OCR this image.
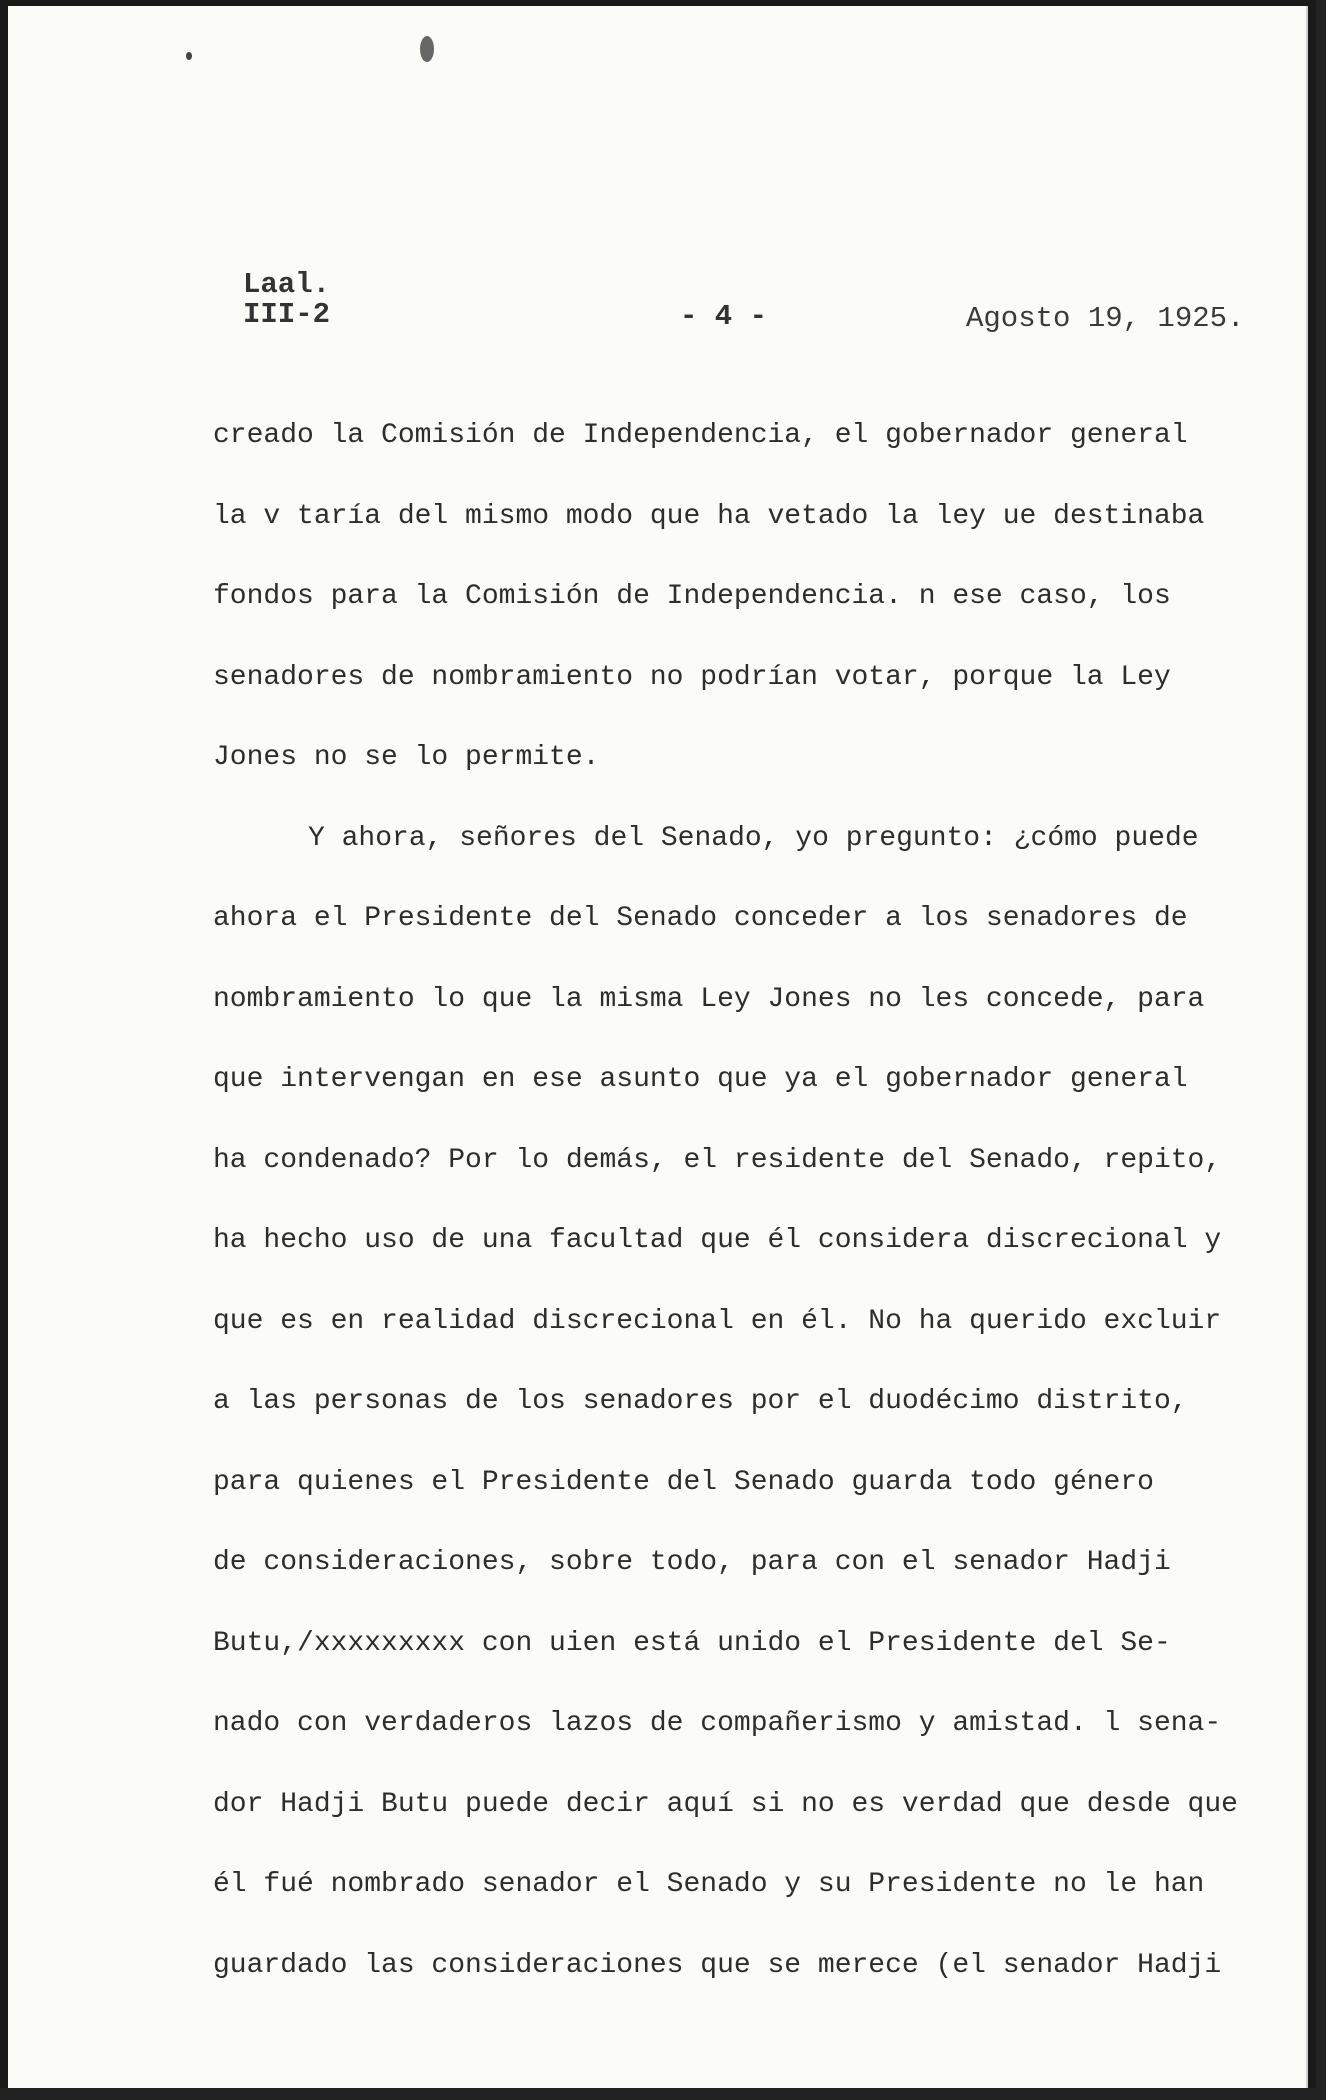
Laal.
III-2	- 4 -	Agosto 19, 1925.
creado la Comisión de Independencia, el gobernador general
la v taría del mismo modo que ha vetado la ley ue destinaba
fondos para la Comisión de Independencia. n ese caso, los
senadores de nombramiento no podrían votar, porque la Ley
Jones no se lo permite.
Y ahora, señores del Senado, yo pregunto: ¿cómo puede
ahora el Presidente del Senado conceder a los senadores de
nombramiento lo que la misma Ley Jones no les concede, para
que intervengan en ese asunto que ya el gobernador general
ha condenado? Por lo demás, el residente del Senado, repito,
ha hecho uso de una facultad que él considera discrecional y
que es en realidad discrecional en él. No ha querido excluir
a las personas de los senadores por el duodécimo distrito,
para quienes el Presidente del Senado guarda todo género
de consideraciones, sobre todo, para con el senador Hadji
Butu,/xxxxxxxxx con uien está unido el Presidente del Se-
nado con verdaderos lazos de compañerismo y amistad. l sena-
dor Hadji Butu puede decir aquí si no es verdad que desde que
él fué nombrado senador el Senado y su Presidente no le han
guardado las consideraciones que se merece (el senador Hadji
